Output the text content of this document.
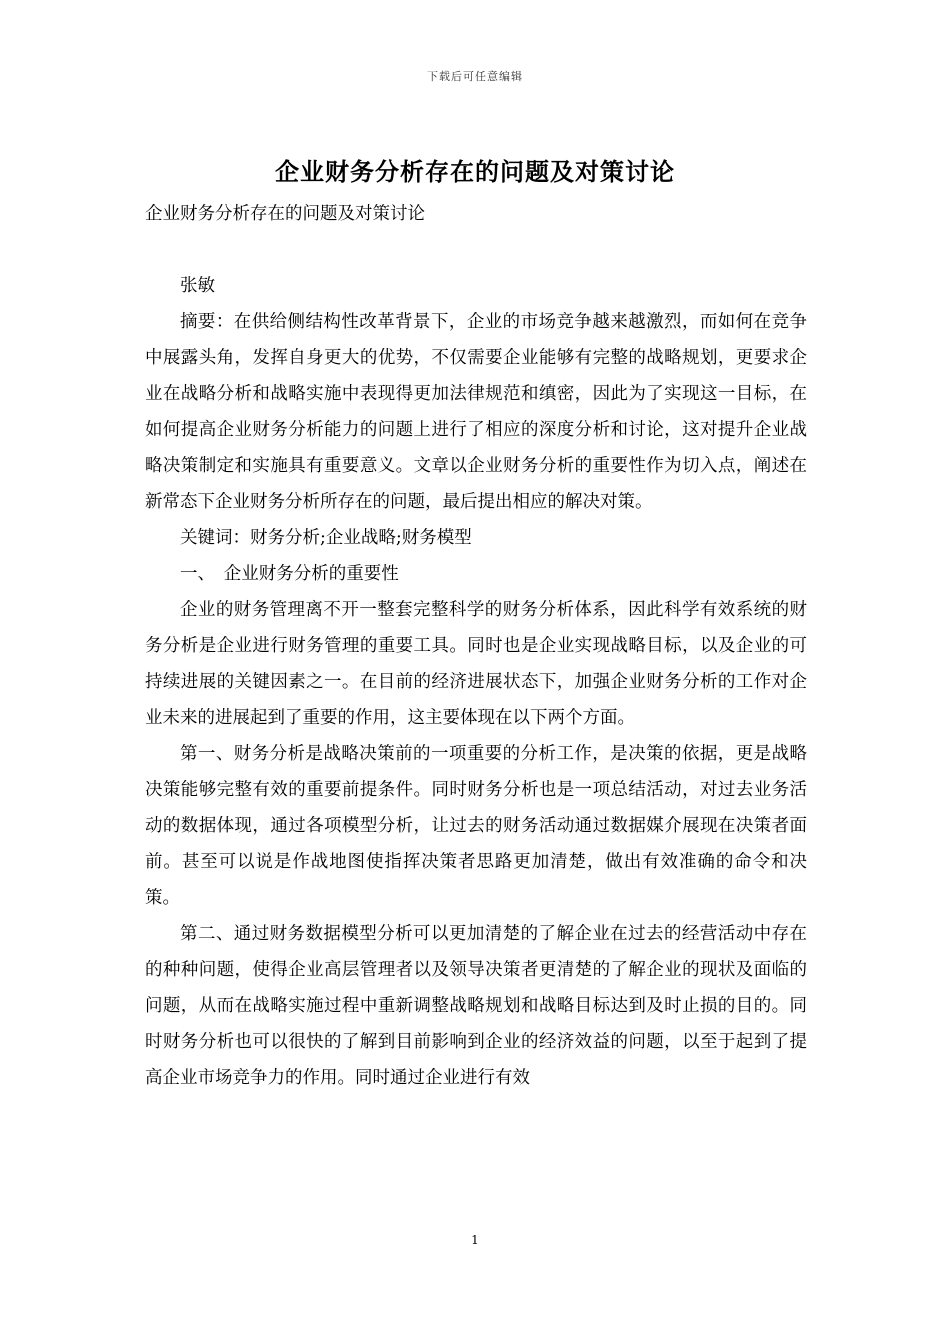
下载后可任意编辑
企业财务分析存在的问题及对策讨论

企业财务分析存在的问题及对策讨论

张敏

摘要：在供给侧结构性改革背景下，企业的市场竞争越来越激烈，而如何在竞争中展露头角，发挥自身更大的优势，不仅需要企业能够有完整的战略规划，更要求企业在战略分析和战略实施中表现得更加法律规范和缜密，因此为了实现这一目标，在如何提高企业财务分析能力的问题上进行了相应的深度分析和讨论，这对提升企业战略决策制定和实施具有重要意义。文章以企业财务分析的重要性作为切入点，阐述在新常态下企业财务分析所存在的问题，最后提出相应的解决对策。

关键词：财务分析;企业战略;财务模型

一、　企业财务分析的重要性

企业的财务管理离不开一整套完整科学的财务分析体系，因此科学有效系统的财务分析是企业进行财务管理的重要工具。同时也是企业实现战略目标，以及企业的可持续进展的关键因素之一。在目前的经济进展状态下，加强企业财务分析的工作对企业未来的进展起到了重要的作用，这主要体现在以下两个方面。

第一、财务分析是战略决策前的一项重要的分析工作，是决策的依据，更是战略决策能够完整有效的重要前提条件。同时财务分析也是一项总结活动，对过去业务活动的数据体现，通过各项模型分析，让过去的财务活动通过数据媒介展现在决策者面前。甚至可以说是作战地图使指挥决策者思路更加清楚，做出有效准确的命令和决策。

第二、通过财务数据模型分析可以更加清楚的了解企业在过去的经营活动中存在的种种问题，使得企业高层管理者以及领导决策者更清楚的了解企业的现状及面临的问题，从而在战略实施过程中重新调整战略规划和战略目标达到及时止损的目的。同时财务分析也可以很快的了解到目前影响到企业的经济效益的问题，以至于起到了提高企业市场竞争力的作用。同时通过企业进行有效

1
